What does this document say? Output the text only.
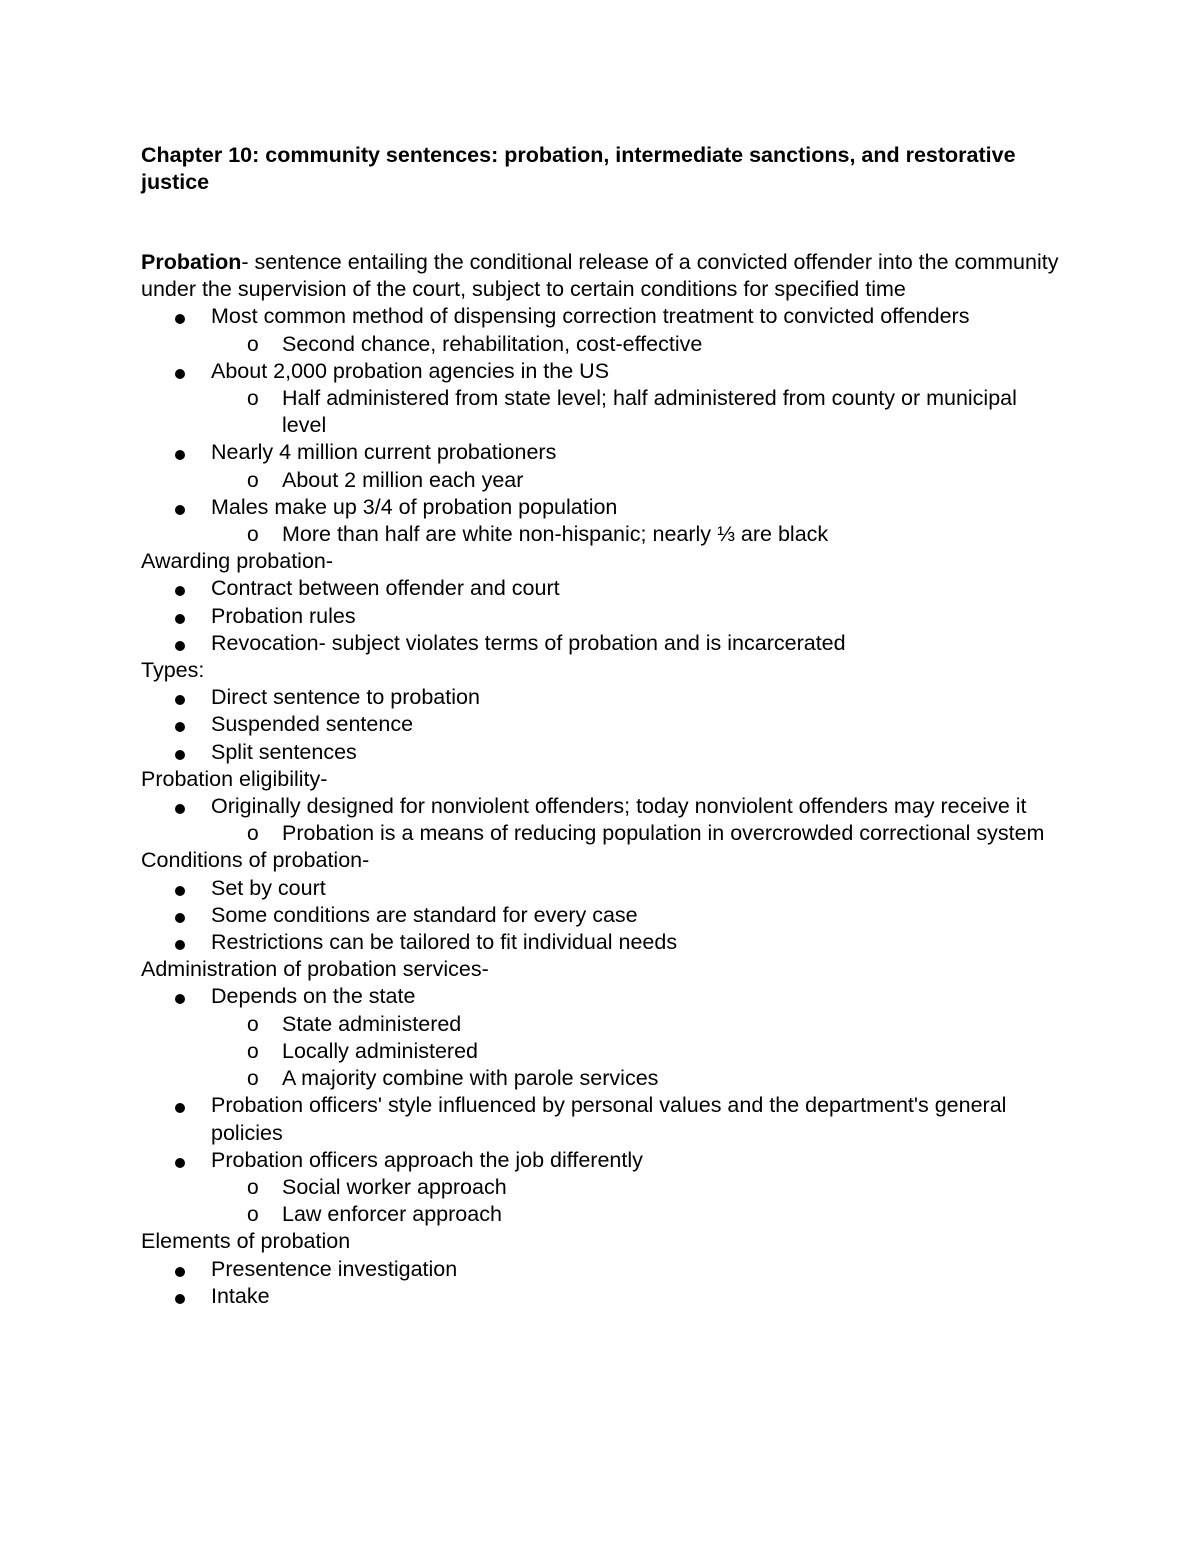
Chapter 10: community sentences: probation, intermediate sanctions, and restorative justice

Probation- sentence entailing the conditional release of a convicted offender into the community under the supervision of the court, subject to certain conditions for specified time

Most common method of dispensing correction treatment to convicted offenders

o Second chance, rehabilitation, cost-effective

About 2,000 probation agencies in the US

o Half administered from state level; half administered from county or municipal level

Nearly 4 million current probationers

o About 2 million each year

Males make up 3/4 of probation population

o More than half are white non-hispanic; nearly ⅓ are black

Awarding probation-

Contract between offender and court

Probation rules

Revocation- subject violates terms of probation and is incarcerated

Types:

Direct sentence to probation

Suspended sentence

Split sentences

Probation eligibility-

Originally designed for nonviolent offenders; today nonviolent offenders may receive it

o Probation is a means of reducing population in overcrowded correctional system

Conditions of probation-

Set by court

Some conditions are standard for every case

Restrictions can be tailored to fit individual needs

Administration of probation services-

Depends on the state

o State administered

o Locally administered

o A majority combine with parole services

Probation officers' style influenced by personal values and the department's general policies

Probation officers approach the job differently

o Social worker approach

o Law enforcer approach

Elements of probation

Presentence investigation

Intake
